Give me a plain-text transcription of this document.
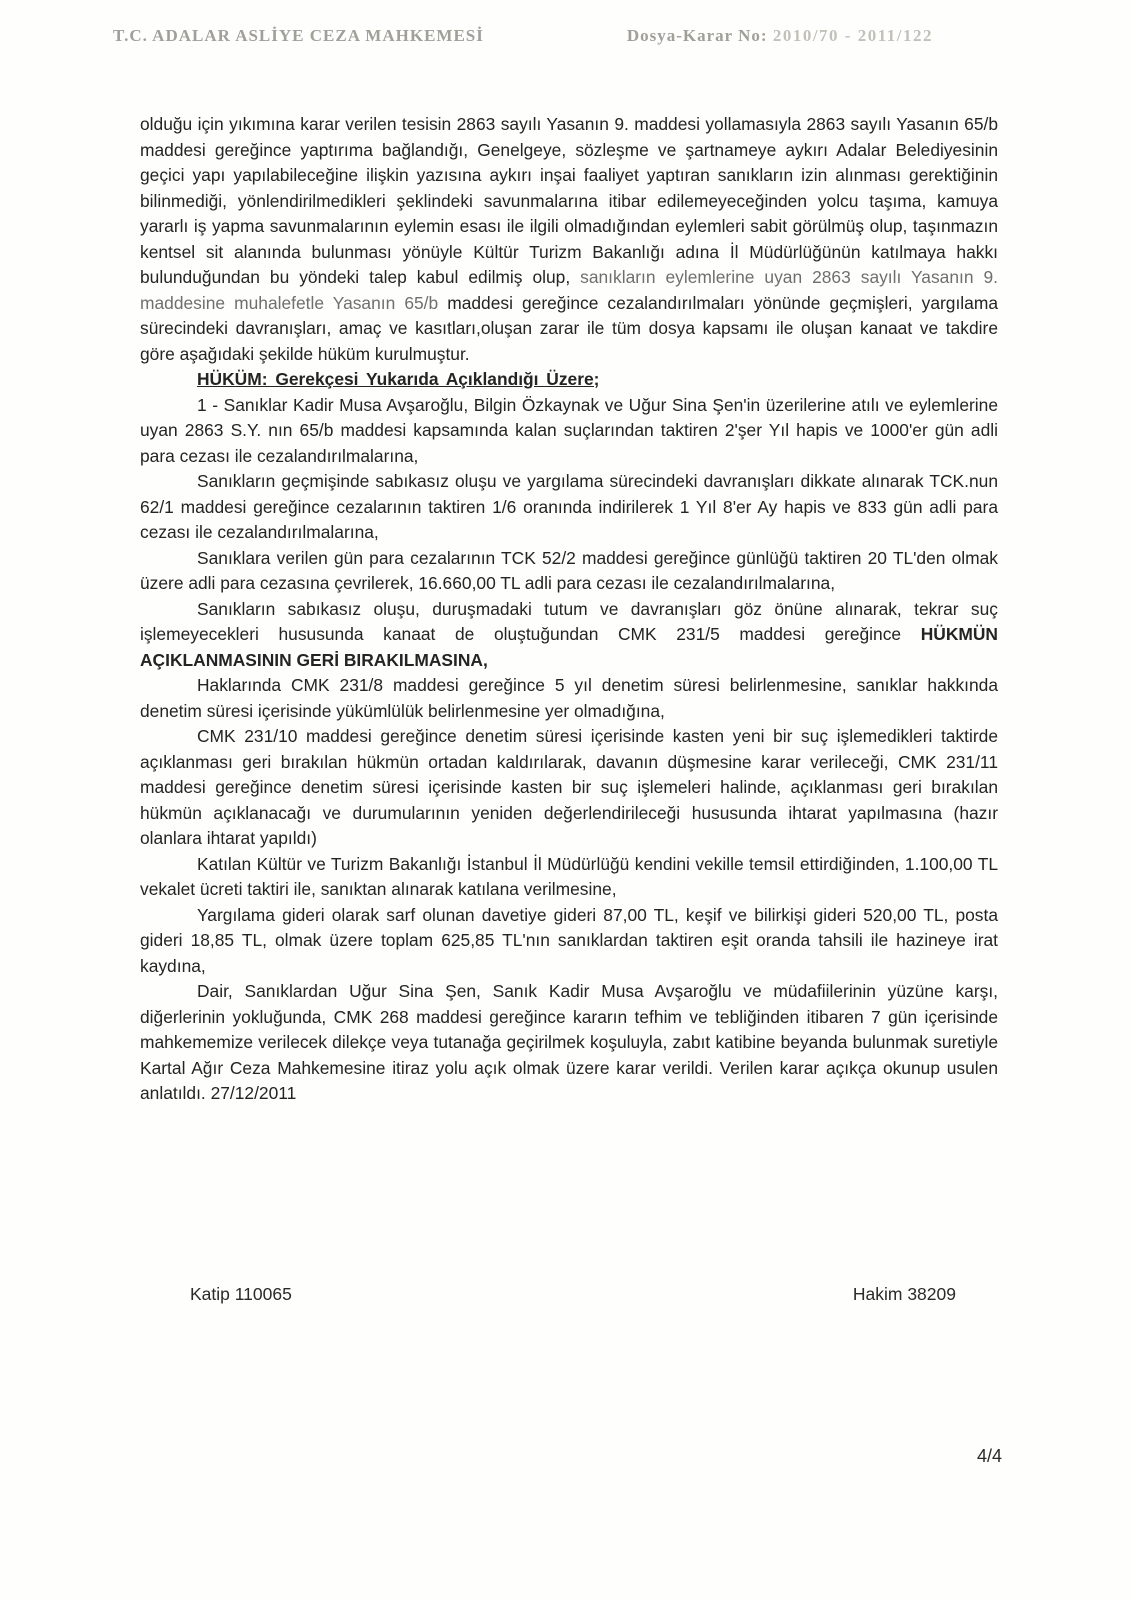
T.C. ADALAR ASLİYE CEZA MAHKEMESİ	Dosya-Karar No: 2010/70 - 2011/122

olduğu için yıkımına karar verilen tesisin 2863 sayılı Yasanın 9. maddesi yollamasıyla 2863 sayılı Yasanın 65/b maddesi gereğince yaptırıma bağlandığı, Genelgeye, sözleşme ve şartnameye aykırı Adalar Belediyesinin geçici yapı yapılabileceğine ilişkin yazısına aykırı inşai faaliyet yaptıran sanıkların izin alınması gerektiğinin bilinmediği, yönlendirilmedikleri şeklindeki savunmalarına itibar edilemeyeceğinden yolcu taşıma, kamuya yararlı iş yapma savunmalarının eylemin esası ile ilgili olmadığından eylemleri sabit görülmüş olup, taşınmazın kentsel sit alanında bulunması yönüyle Kültür Turizm Bakanlığı adına İl Müdürlüğünün katılmaya hakkı bulunduğundan bu yöndeki talep kabul edilmiş olup, sanıkların eylemlerine uyan 2863 sayılı Yasanın 9. maddesine muhalefetle Yasanın 65/b maddesi gereğince cezalandırılmaları yönünde geçmişleri, yargılama sürecindeki davranışları, amaç ve kasıtları,oluşan zarar ile tüm dosya kapsamı ile oluşan kanaat ve takdire göre aşağıdaki şekilde hüküm kurulmuştur.

HÜKÜM: Gerekçesi Yukarıda Açıklandığı Üzere;

1 - Sanıklar Kadir Musa Avşaroğlu, Bilgin Özkaynak ve Uğur Sina Şen'in üzerilerine atılı ve eylemlerine uyan 2863 S.Y. nın 65/b maddesi kapsamında kalan suçlarından taktiren 2'şer Yıl hapis ve 1000'er gün adli para cezası ile cezalandırılmalarına,

Sanıkların geçmişinde sabıkasız oluşu ve yargılama sürecindeki davranışları dikkate alınarak TCK.nun 62/1 maddesi gereğince cezalarının taktiren 1/6 oranında indirilerek 1 Yıl 8'er Ay hapis ve 833 gün adli para cezası ile cezalandırılmalarına,

Sanıklara verilen gün para cezalarının TCK 52/2 maddesi gereğince günlüğü taktiren 20 TL'den olmak üzere adli para cezasına çevrilerek, 16.660,00 TL adli para cezası ile cezalandırılmalarına,

Sanıkların sabıkasız oluşu, duruşmadaki tutum ve davranışları göz önüne alınarak, tekrar suç işlemeyecekleri hususunda kanaat de oluştuğundan CMK 231/5 maddesi gereğince HÜKMÜN AÇIKLANMASININ GERİ BIRAKILMASINA,

Haklarında CMK 231/8 maddesi gereğince 5 yıl denetim süresi belirlenmesine, sanıklar hakkında denetim süresi içerisinde yükümlülük belirlenmesine yer olmadığına,

CMK 231/10 maddesi gereğince denetim süresi içerisinde kasten yeni bir suç işlemedikleri taktirde açıklanması geri bırakılan hükmün ortadan kaldırılarak, davanın düşmesine karar verileceği, CMK 231/11 maddesi gereğince denetim süresi içerisinde kasten bir suç işlemeleri halinde, açıklanması geri bırakılan hükmün açıklanacağı ve durumularının yeniden değerlendirileceği hususunda ihtarat yapılmasına (hazır olanlara ihtarat yapıldı)

Katılan Kültür ve Turizm Bakanlığı İstanbul İl Müdürlüğü kendini vekille temsil ettirdiğinden, 1.100,00 TL vekalet ücreti taktiri ile, sanıktan alınarak katılana verilmesine,

Yargılama gideri olarak sarf olunan davetiye gideri 87,00 TL, keşif ve bilirkişi gideri 520,00 TL, posta gideri 18,85 TL, olmak üzere toplam 625,85 TL'nın sanıklardan taktiren eşit oranda tahsili ile hazineye irat kaydına,

Dair, Sanıklardan Uğur Sina Şen, Sanık Kadir Musa Avşaroğlu ve müdafiilerinin yüzüne karşı, diğerlerinin yokluğunda, CMK 268 maddesi gereğince kararın tefhim ve tebliğinden itibaren 7 gün içerisinde mahkememize verilecek dilekçe veya tutanağa geçirilmek koşuluyla, zabıt katibine beyanda bulunmak suretiyle Kartal Ağır Ceza Mahkemesine itiraz yolu açık olmak üzere karar verildi. Verilen karar açıkça okunup usulen anlatıldı. 27/12/2011

Katip 110065	Hakim 38209
4/4
